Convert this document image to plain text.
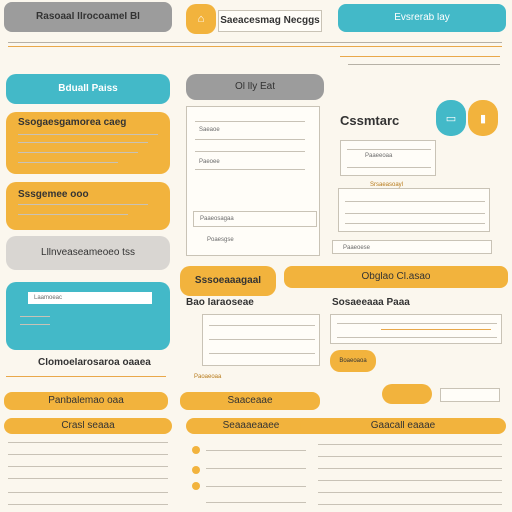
Rasoaal llrocoamel Bl	⌂	Saeacesmag Necggs	Evsrerab lay
Bduall Paiss
Ssogaesgamorea caeg
Sssgemee ooo
Lllnveaseameoeo tss
Laamoeac
Clomoelarosaroa oaaea
Ol lly Eat
Saeaoe
Paeoee
Paaeosagaa
Poaesgse
Sssoeaaagaal
Bao laraoseae
Paoaeoaa
Cssmtarc	▭	▮
Paaeeoaa
Srsaeasoayl
Paaeoese
Obglao Cl.asao
Sosaeeaaa Paaa
Boaeoaoa
Panbalemao oaa	Saaceaae
Crasl seaaa	Seaaaeaaee	Gaacall eaaae
